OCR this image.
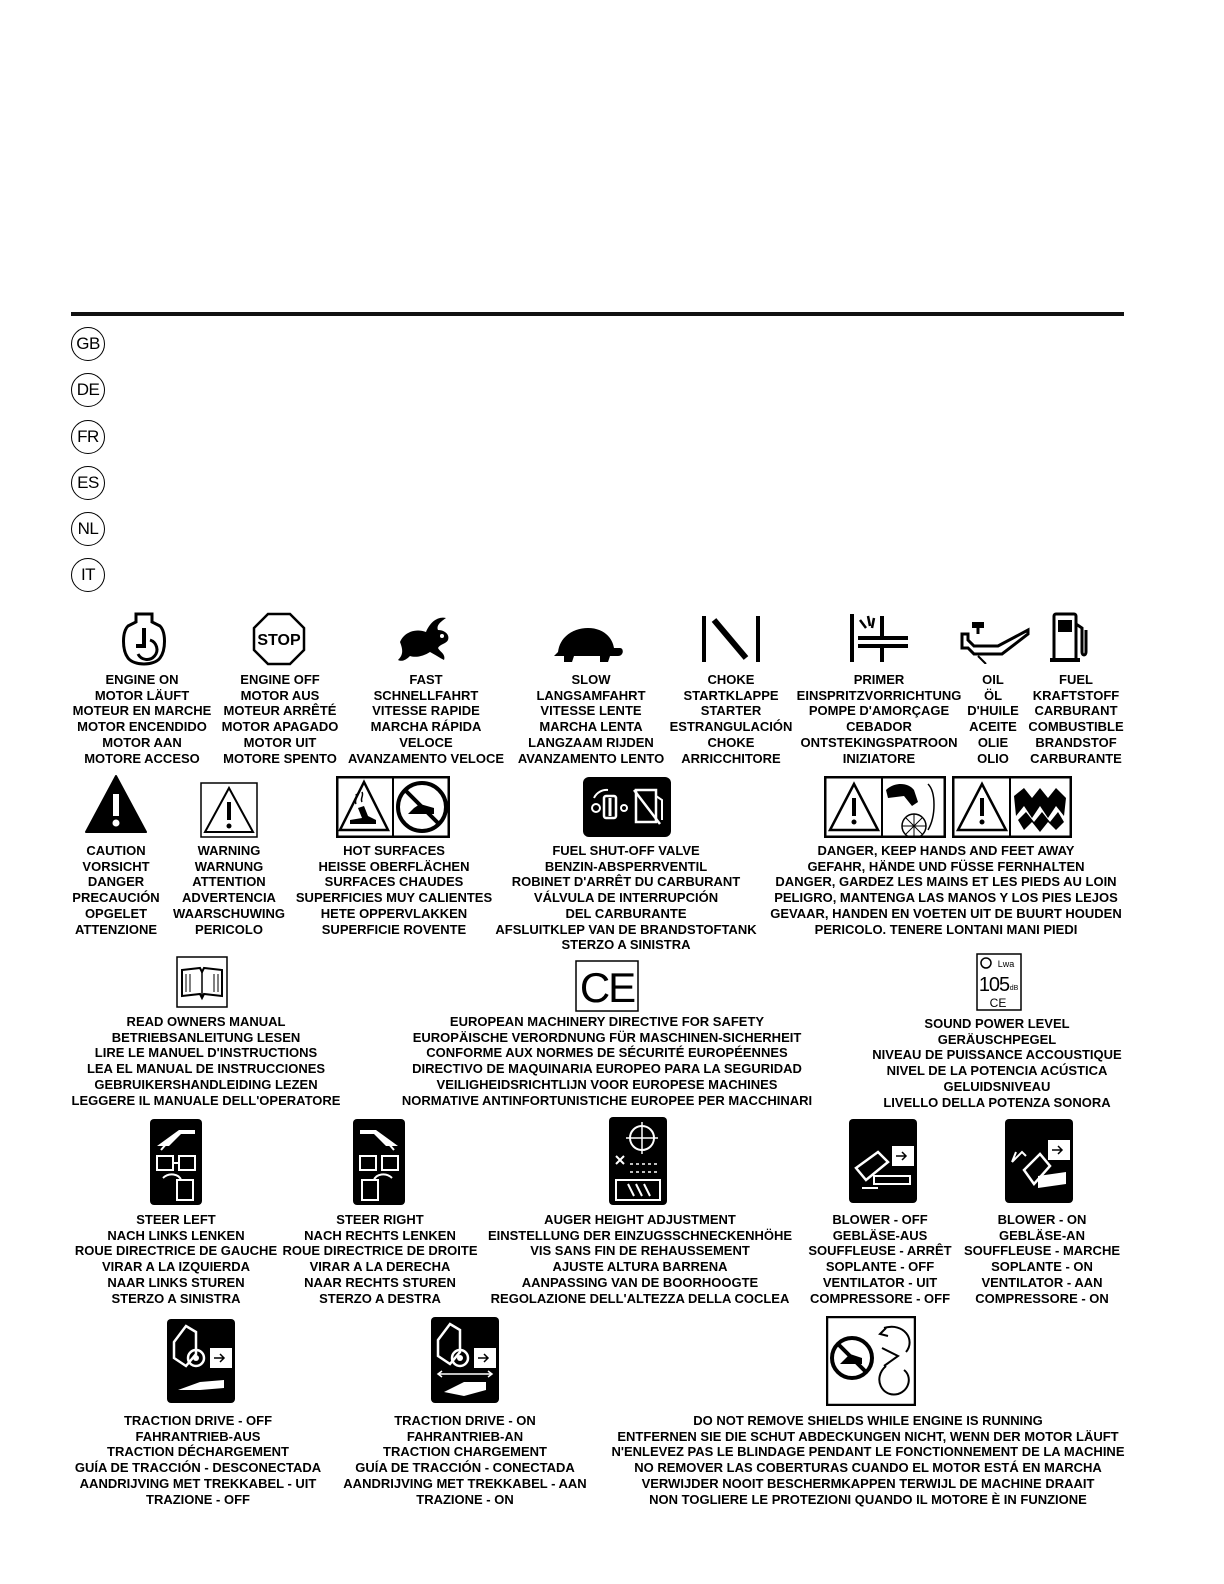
GB
DE
FR
ES
NL
IT
STOP
ENGINE ON
MOTOR LÄUFT
MOTEUR EN MARCHE
MOTOR ENCENDIDO
MOTOR AAN
MOTORE ACCESO
ENGINE OFF
MOTOR AUS
MOTEUR ARRÊTÉ
MOTOR APAGADO
MOTOR UIT
MOTORE SPENTO
FAST
SCHNELLFAHRT
VITESSE RAPIDE
MARCHA RÁPIDA
VELOCE
AVANZAMENTO VELOCE
SLOW
LANGSAMFAHRT
VITESSE LENTE
MARCHA LENTA
LANGZAAM RIJDEN
AVANZAMENTO LENTO
CHOKE
STARTKLAPPE
STARTER
ESTRANGULACIÓN
CHOKE
ARRICCHITORE
PRIMER
EINSPRITZVORRICHTUNG
POMPE D'AMORÇAGE
CEBADOR
ONTSTEKINGSPATROON
INIZIATORE
OIL
ÖL
D'HUILE
ACEITE
OLIE
OLIO
FUEL
KRAFTSTOFF
CARBURANT
COMBUSTIBLE
BRANDSTOF
CARBURANTE
CAUTION
VORSICHT
DANGER
PRECAUCIÓN
OPGELET
ATTENZIONE
WARNING
WARNUNG
ATTENTION
ADVERTENCIA
WAARSCHUWING
PERICOLO
HOT SURFACES
HEISSE OBERFLÄCHEN
SURFACES CHAUDES
SUPERFICIES MUY CALIENTES
HETE OPPERVLAKKEN
SUPERFICIE ROVENTE
FUEL SHUT-OFF VALVE
BENZIN-ABSPERRVENTIL
ROBINET D'ARRÊT DU CARBURANT
VÁLVULA DE INTERRUPCIÓN
DEL CARBURANTE
AFSLUITKLEP VAN DE BRANDSTOFTANK
STERZO A SINISTRA
DANGER, KEEP HANDS AND FEET AWAY
GEFAHR, HÄNDE UND FÜSSE FERNHALTEN
DANGER, GARDEZ LES MAINS ET LES PIEDS AU LOIN
PELIGRO, MANTENGA LAS MANOS Y LOS PIES LEJOS
GEVAAR, HANDEN EN VOETEN UIT DE BUURT HOUDEN
PERICOLO. TENERE LONTANI MANI PIEDI
CE	Lwa
105 dB
CE
READ OWNERS MANUAL
BETRIEBSANLEITUNG LESEN
LIRE LE MANUEL D'INSTRUCTIONS
LEA EL MANUAL DE INSTRUCCIONES
GEBRUIKERSHANDLEIDING LEZEN
LEGGERE IL MANUALE DELL'OPERATORE
EUROPEAN MACHINERY DIRECTIVE FOR SAFETY
EUROPÄISCHE VERORDNUNG FÜR MASCHINEN-SICHERHEIT
CONFORME AUX NORMES DE SÉCURITÉ EUROPÉENNES
DIRECTIVO DE MAQUINARIA EUROPEO PARA LA SEGURIDAD
VEILIGHEIDSRICHTLIJN VOOR EUROPESE MACHINES
NORMATIVE ANTINFORTUNISTICHE EUROPEE PER MACCHINARI
SOUND POWER LEVEL
GERÄUSCHPEGEL
NIVEAU DE PUISSANCE ACCOUSTIQUE
NIVEL DE LA POTENCIA ACÚSTICA
GELUIDSNIVEAU
LIVELLO DELLA POTENZA SONORA
STEER LEFT
NACH LINKS LENKEN
ROUE DIRECTRICE DE GAUCHE
VIRAR A LA IZQUIERDA
NAAR LINKS STUREN
STERZO A SINISTRA
STEER RIGHT
NACH RECHTS LENKEN
ROUE DIRECTRICE DE DROITE
VIRAR A LA DERECHA
NAAR RECHTS STUREN
STERZO A DESTRA
AUGER HEIGHT ADJUSTMENT
EINSTELLUNG DER EINZUGSSCHNECKENHÖHE
VIS SANS FIN DE REHAUSSEMENT
AJUSTE ALTURA BARRENA
AANPASSING VAN DE BOORHOOGTE
REGOLAZIONE DELL'ALTEZZA DELLA COCLEA
BLOWER - OFF
GEBLÄSE-AUS
SOUFFLEUSE - ARRÊT
SOPLANTE - OFF
VENTILATOR - UIT
COMPRESSORE - OFF
BLOWER - ON
GEBLÄSE-AN
SOUFFLEUSE - MARCHE
SOPLANTE - ON
VENTILATOR - AAN
COMPRESSORE - ON
TRACTION DRIVE - OFF
FAHRANTRIEB-AUS
TRACTION DÉCHARGEMENT
GUÍA DE TRACCIÓN - DESCONECTADA
AANDRIJVING MET TREKKABEL - UIT
TRAZIONE - OFF
TRACTION DRIVE - ON
FAHRANTRIEB-AN
TRACTION CHARGEMENT
GUÍA DE TRACCIÓN - CONECTADA
AANDRIJVING MET TREKKABEL - AAN
TRAZIONE - ON
DO NOT REMOVE SHIELDS WHILE ENGINE IS RUNNING
ENTFERNEN SIE DIE SCHUT ABDECKUNGEN NICHT, WENN DER MOTOR LÄUFT
N'ENLEVEZ PAS LE BLINDAGE PENDANT LE FONCTIONNEMENT DE LA MACHINE
NO REMOVER LAS COBERTURAS CUANDO EL MOTOR ESTÁ EN MARCHA
VERWIJDER NOOIT BESCHERMKAPPEN TERWIJL DE MACHINE DRAAIT
NON TOGLIERE LE PROTEZIONI QUANDO IL MOTORE È IN FUNZIONE
